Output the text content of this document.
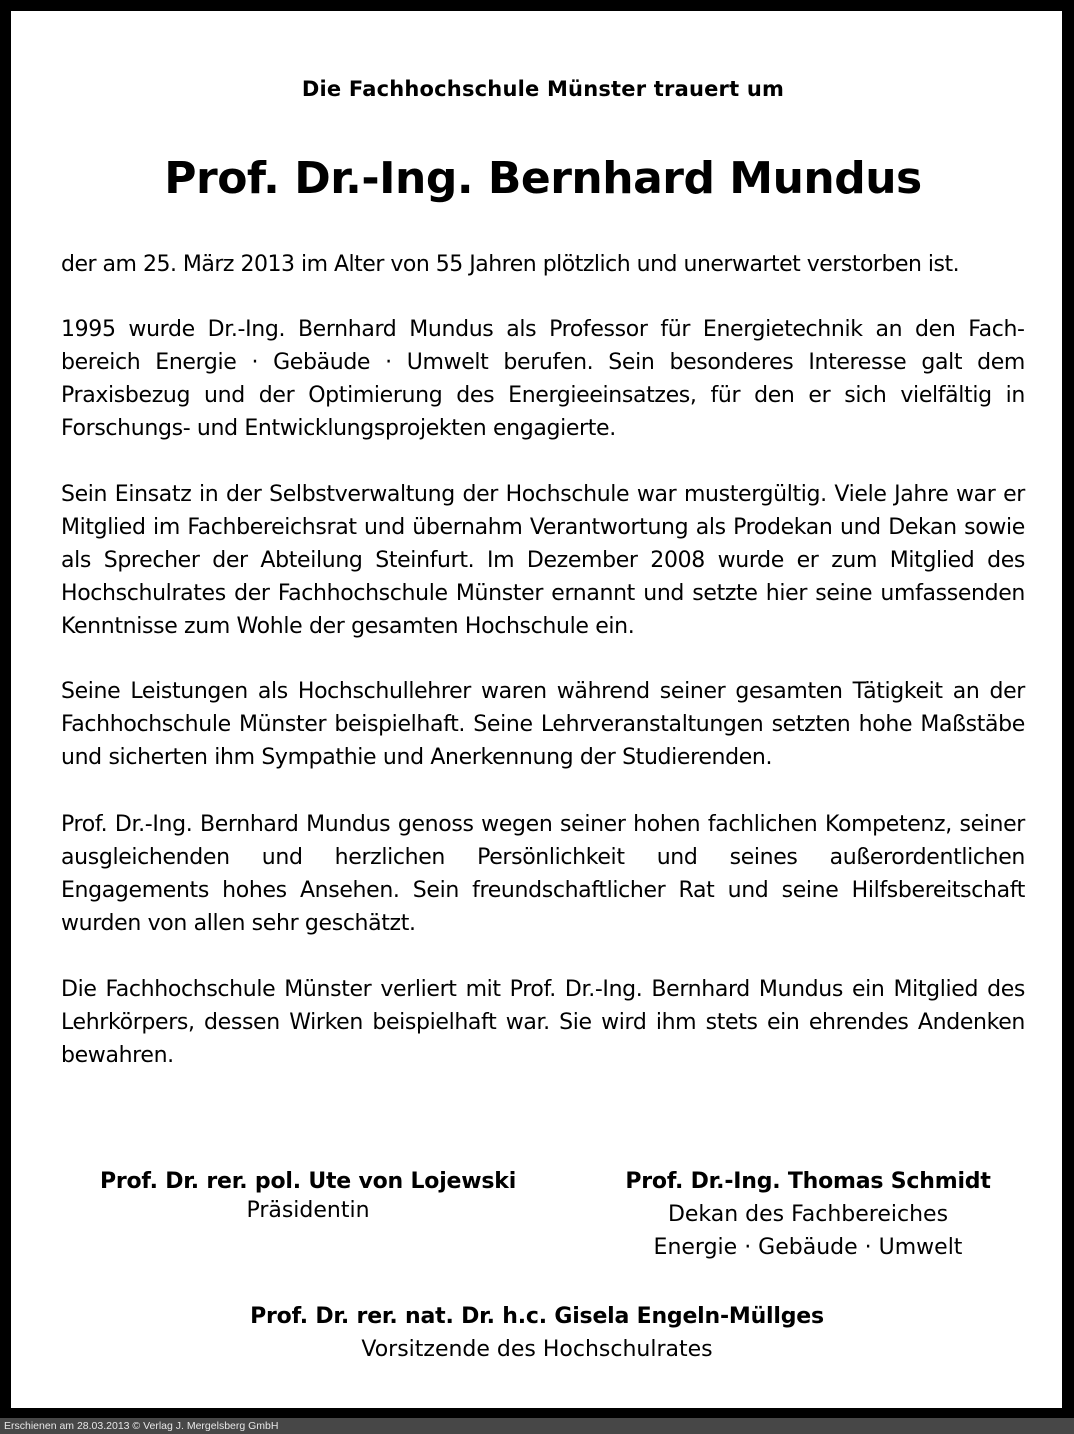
Die Fachhochschule Münster trauert um

Prof. Dr.-Ing. Bernhard Mundus

der am 25. März 2013 im Alter von 55 Jahren plötzlich und unerwartet verstorben ist.

1995 wurde Dr.-Ing. Bernhard Mundus als Professor für Energietechnik an den Fachbereich Energie · Gebäude · Umwelt berufen. Sein besonderes Interesse galt dem Praxisbezug und der Optimierung des Energieeinsatzes, für den er sich vielfältig in Forschungs- und Entwicklungsprojekten engagierte.

Sein Einsatz in der Selbstverwaltung der Hochschule war mustergültig. Viele Jahre war er Mitglied im Fachbereichsrat und übernahm Verantwortung als Prodekan und Dekan sowie als Sprecher der Abteilung Steinfurt. Im Dezember 2008 wurde er zum Mitglied des Hochschulrates der Fachhochschule Münster ernannt und setzte hier seine umfassenden Kenntnisse zum Wohle der gesamten Hochschule ein.

Seine Leistungen als Hochschullehrer waren während seiner gesamten Tätigkeit an der Fachhochschule Münster beispielhaft. Seine Lehrveranstaltungen setzten hohe Maßstäbe und sicherten ihm Sympathie und Anerkennung der Studierenden.

Prof. Dr.-Ing. Bernhard Mundus genoss wegen seiner hohen fachlichen Kompetenz, seiner ausgleichenden und herzlichen Persönlichkeit und seines außerordentlichen Engagements hohes Ansehen. Sein freundschaftlicher Rat und seine Hilfsbereitschaft wurden von allen sehr geschätzt.

Die Fachhochschule Münster verliert mit Prof. Dr.-Ing. Bernhard Mundus ein Mitglied des Lehrkörpers, dessen Wirken beispielhaft war. Sie wird ihm stets ein ehrendes Andenken bewahren.

Prof. Dr. rer. pol. Ute von Lojewski
Präsidentin
Prof. Dr.-Ing. Thomas Schmidt
Dekan des Fachbereiches
Energie · Gebäude · Umwelt
Prof. Dr. rer. nat. Dr. h.c. Gisela Engeln-Müllges
Vorsitzende des Hochschulrates
Erschienen am 28.03.2013 © Verlag J. Mergelsberg GmbH
